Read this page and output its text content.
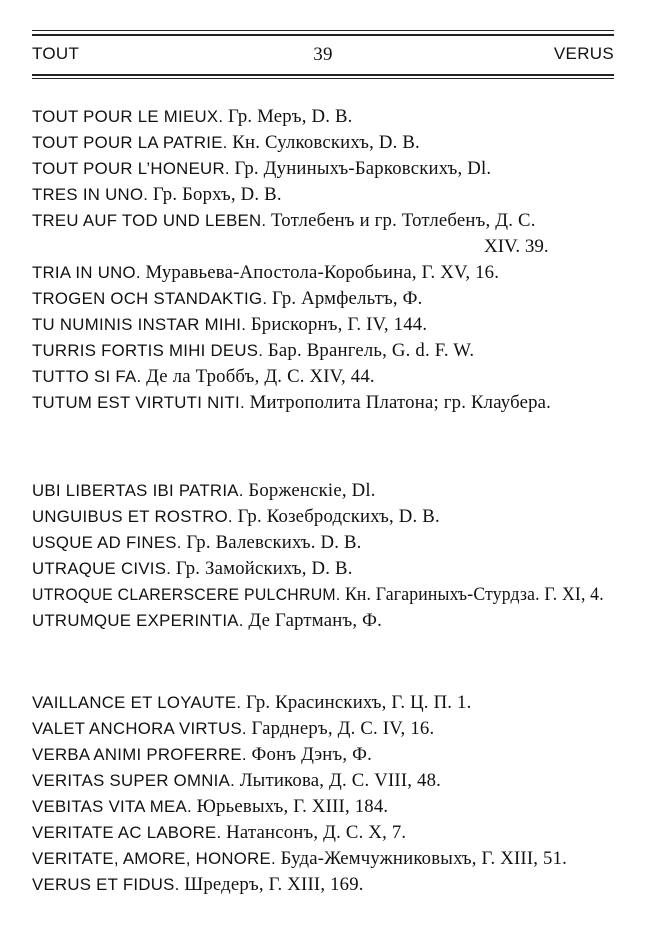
TOUT	39	VERUS
TOUT POUR LE MIEUX. Гр. Меръ, D. B.
TOUT POUR LA PATRIE. Кн. Сулковскихъ, D. B.
TOUT POUR L’HONEUR. Гр. Дуниныхъ-Барковскихъ, Dl.
TRES IN UNO. Гр. Борхъ, D. B.
TREU AUF TOD UND LEBEN. Тотлебенъ и гр. Тотлебенъ, Д. С.
XIV. 39.
TRIA IN UNO. Муравьева-Апостола-Коробьина, Г. XV, 16.
TROGEN OCH STANDAKTIG. Гр. Армфельтъ, Ф.
TU NUMINIS INSTAR MIHI. Брискорнъ, Г. IV, 144.
TURRIS FORTIS MIHI DEUS. Бар. Врангель, G. d. F. W.
TUTTO SI FA. Де ла Троббъ, Д. С. XIV, 44.
TUTUM EST VIRTUTI NITI. Митрополита Платона; гр. Клаубера.
UBI LIBERTAS IBI PATRIA. Борженскіе, Dl.
UNGUIBUS ET ROSTRO. Гр. Козебродскихъ, D. B.
USQUE AD FINES. Гр. Валевскихъ. D. B.
UTRAQUE CIVIS. Гр. Замойскихъ, D. B.
UTROQUE CLARERSCERE PULCHRUM. Кн. Гагариныхъ-Стурдза. Г. XI, 4.
UTRUMQUE EXPERINTIA. Де Гартманъ, Ф.
VAILLANCE ET LOYAUTE. Гр. Красинскихъ, Г. Ц. П. 1.
VALET ANCHORA VIRTUS. Гарднеръ, Д. С. IV, 16.
VERBA ANIMI PROFERRE. Фонъ Дэнъ, Ф.
VERITAS SUPER OMNIA. Лытикова, Д. С. VIII, 48.
VEBITAS VITA MEA. Юрьевыхъ, Г. XIII, 184.
VERITATE AC LABORE. Натансонъ, Д. С. X, 7.
VERITATE, AMORE, HONORE. Буда-Жемчужниковыхъ, Г. XIII, 51.
VERUS ET FIDUS. Шредеръ, Г. XIII, 169.
